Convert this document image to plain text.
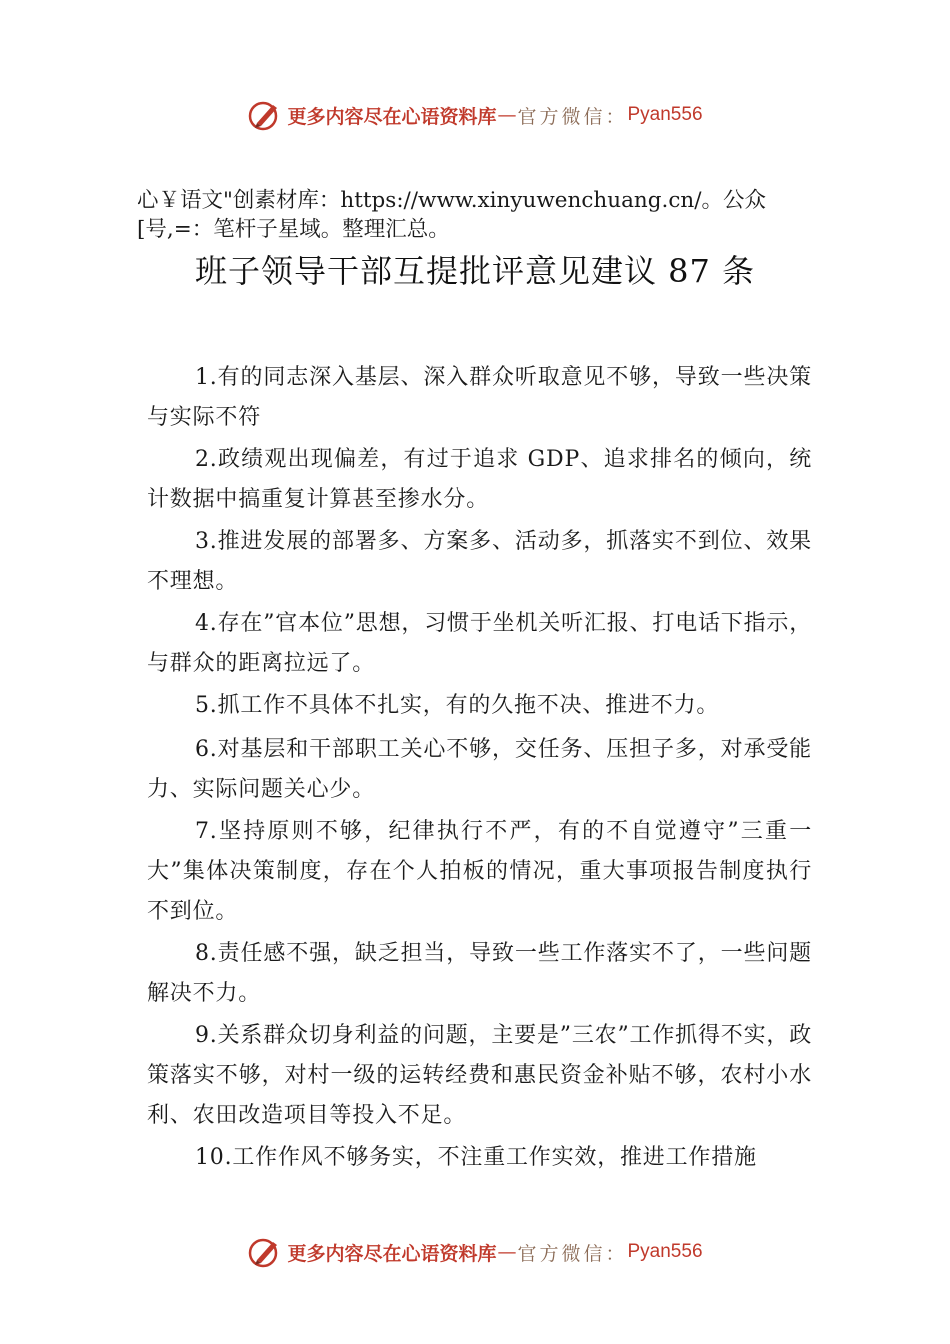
更多内容尽在心语资料库 — 官方微信： Pyan556
心￥语文"创素材库：https://www.xinyuwenchuang.cn/。公众
[号,=：笔杆子星域。整理汇总。
班子领导干部互提批评意见建议 87 条

1.有的同志深入基层、深入群众听取意见不够，导致一些决策与实际不符

2.政绩观出现偏差，有过于追求 GDP、追求排名的倾向，统计数据中搞重复计算甚至掺水分。

3.推进发展的部署多、方案多、活动多，抓落实不到位、效果不理想。

4.存在”官本位”思想，习惯于坐机关听汇报、打电话下指示，与群众的距离拉远了。

5.抓工作不具体不扎实，有的久拖不决、推进不力。

6.对基层和干部职工关心不够，交任务、压担子多，对承受能力、实际问题关心少。

7.坚持原则不够，纪律执行不严，有的不自觉遵守”三重一大”集体决策制度，存在个人拍板的情况，重大事项报告制度执行不到位。

8.责任感不强，缺乏担当，导致一些工作落实不了，一些问题解决不力。

9.关系群众切身利益的问题，主要是”三农”工作抓得不实，政策落实不够，对村一级的运转经费和惠民资金补贴不够，农村小水利、农田改造项目等投入不足。

10.工作作风不够务实，不注重工作实效，推进工作措施

更多内容尽在心语资料库 — 官方微信： Pyan556
